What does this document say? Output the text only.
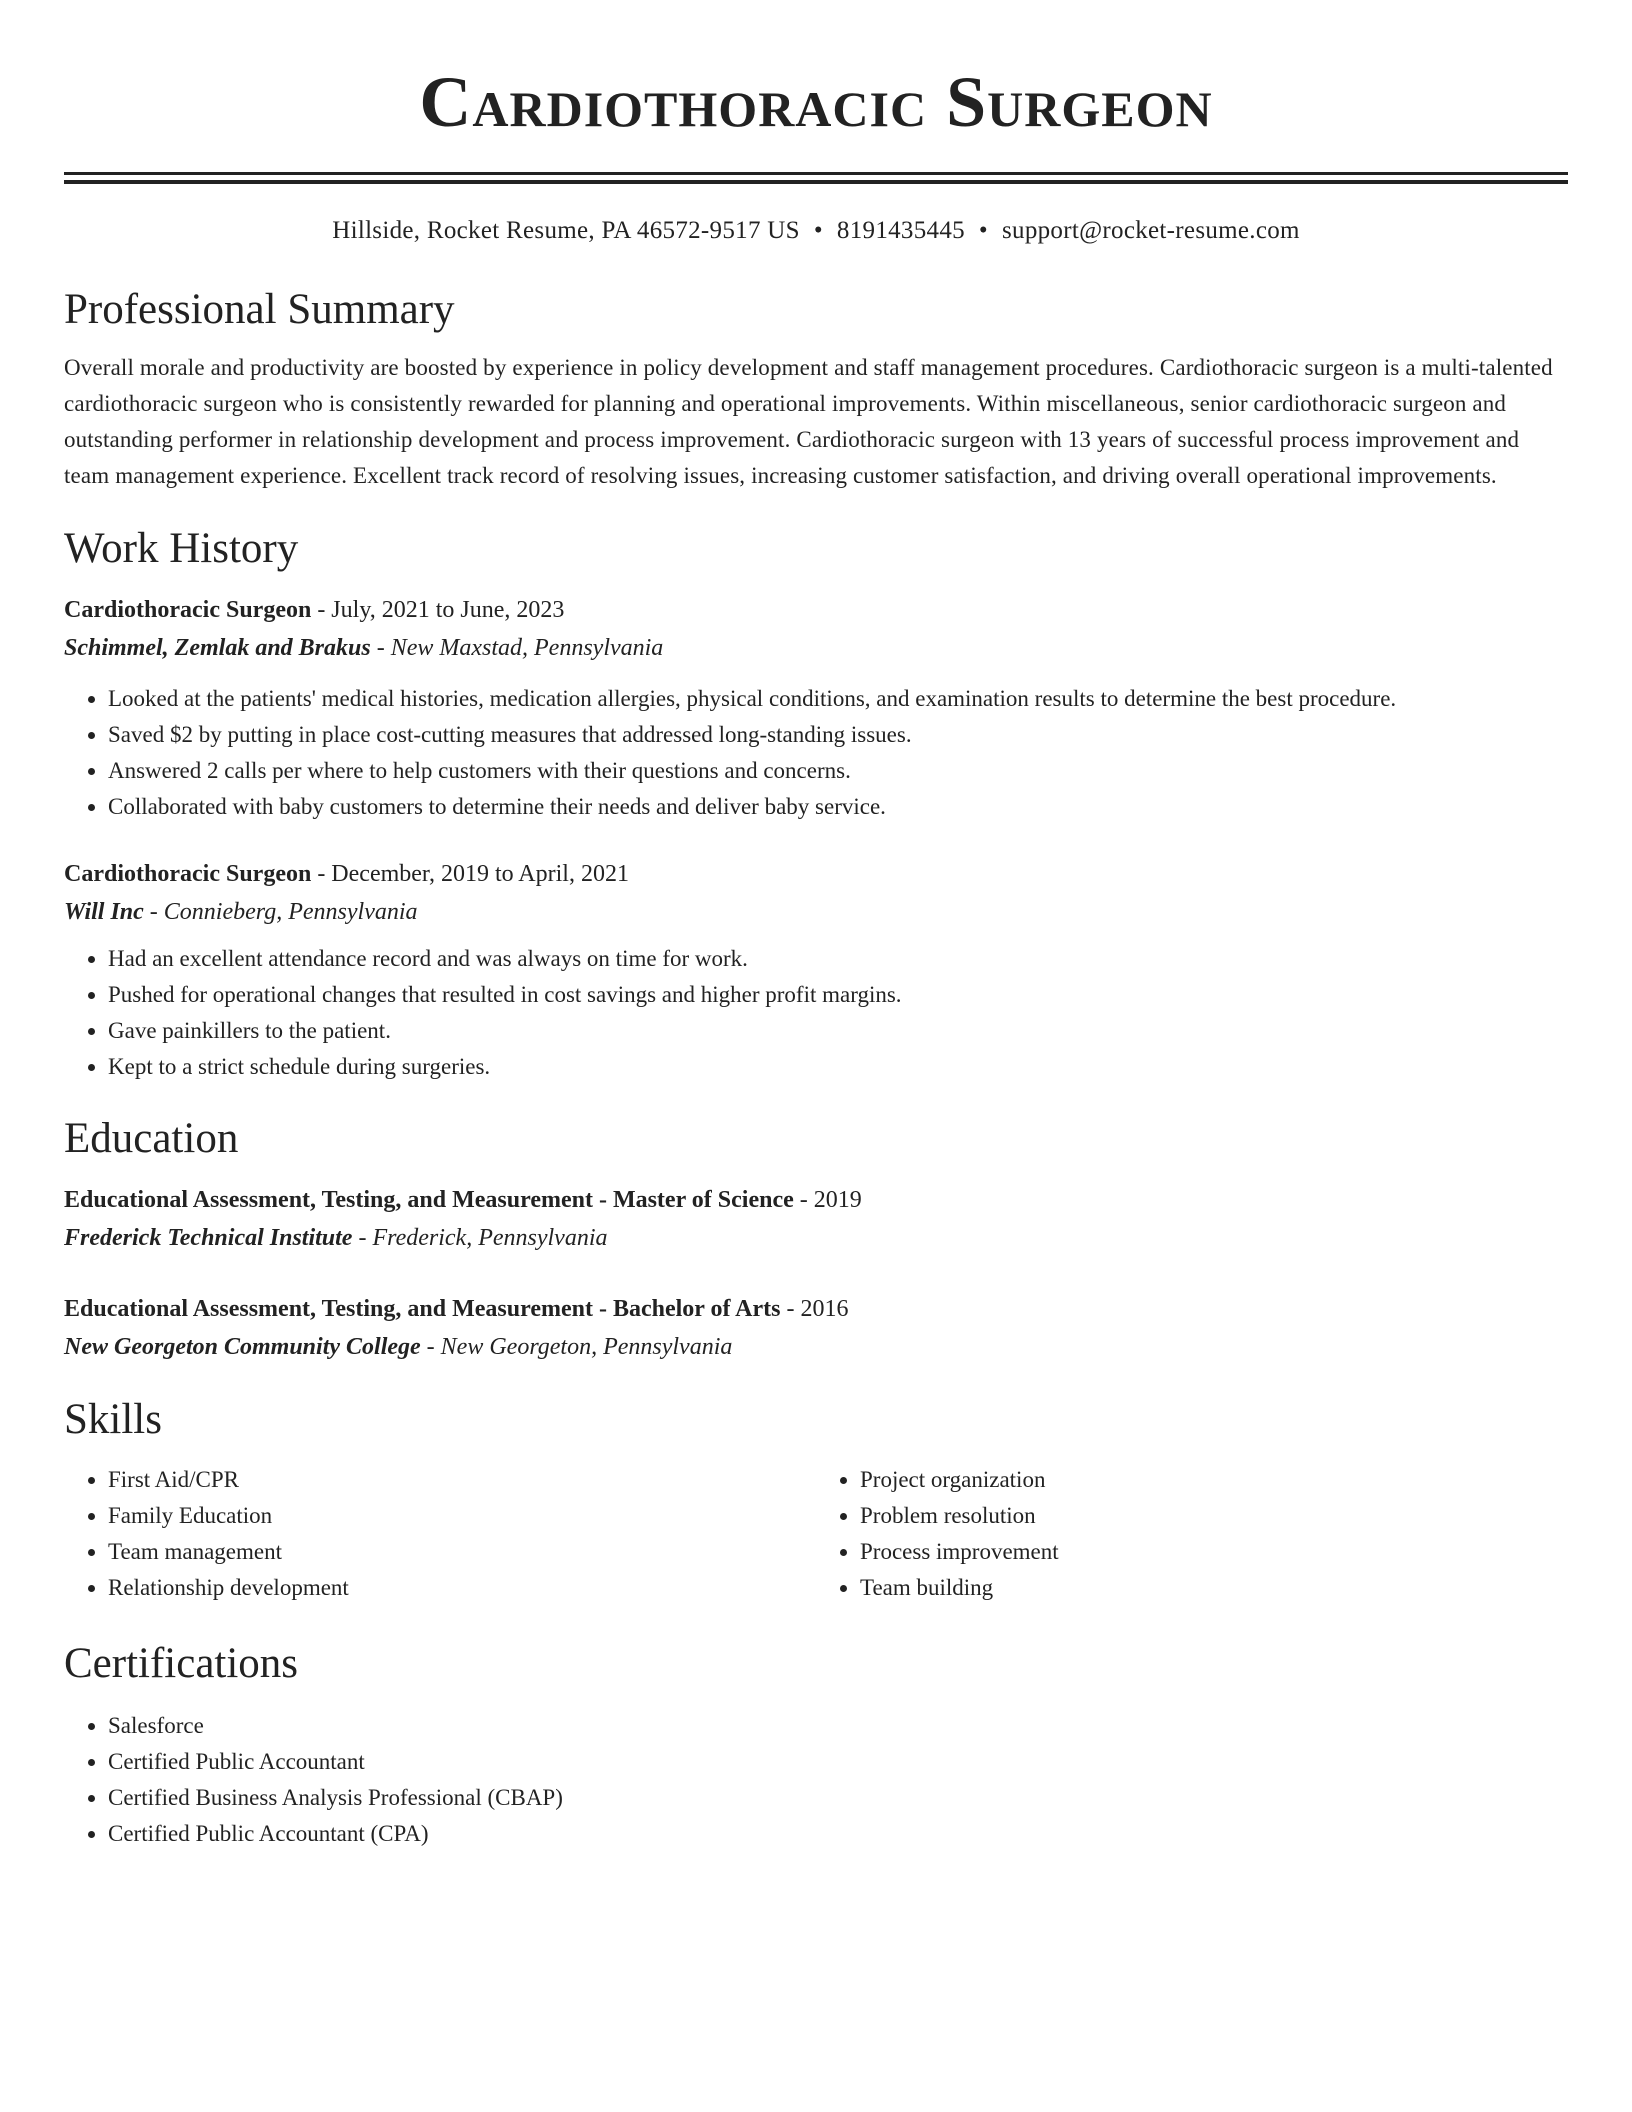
Cardiothoracic Surgeon
Hillside, Rocket Resume, PA 46572-9517 US • 8191435445 • support@rocket-resume.com
Professional Summary

Overall morale and productivity are boosted by experience in policy development and staff management procedures. Cardiothoracic surgeon is a multi-talented cardiothoracic surgeon who is consistently rewarded for planning and operational improvements. Within miscellaneous, senior cardiothoracic surgeon and outstanding performer in relationship development and process improvement. Cardiothoracic surgeon with 13 years of successful process improvement and team management experience. Excellent track record of resolving issues, increasing customer satisfaction, and driving overall operational improvements.

Work History
Cardiothoracic Surgeon - July, 2021 to June, 2023
Schimmel, Zemlak and Brakus - New Maxstad, Pennsylvania
• Looked at the patients' medical histories, medication allergies, physical conditions, and examination results to determine the best procedure.
• Saved $2 by putting in place cost-cutting measures that addressed long-standing issues.
• Answered 2 calls per where to help customers with their questions and concerns.
• Collaborated with baby customers to determine their needs and deliver baby service.
Cardiothoracic Surgeon - December, 2019 to April, 2021
Will Inc - Connieberg, Pennsylvania
• Had an excellent attendance record and was always on time for work.
• Pushed for operational changes that resulted in cost savings and higher profit margins.
• Gave painkillers to the patient.
• Kept to a strict schedule during surgeries.
Education
Educational Assessment, Testing, and Measurement - Master of Science - 2019
Frederick Technical Institute - Frederick, Pennsylvania
Educational Assessment, Testing, and Measurement - Bachelor of Arts - 2016
New Georgeton Community College - New Georgeton, Pennsylvania
Skills
• First Aid/CPR
• Family Education
• Team management
• Relationship development
• Project organization
• Problem resolution
• Process improvement
• Team building
Certifications
• Salesforce
• Certified Public Accountant
• Certified Business Analysis Professional (CBAP)
• Certified Public Accountant (CPA)
